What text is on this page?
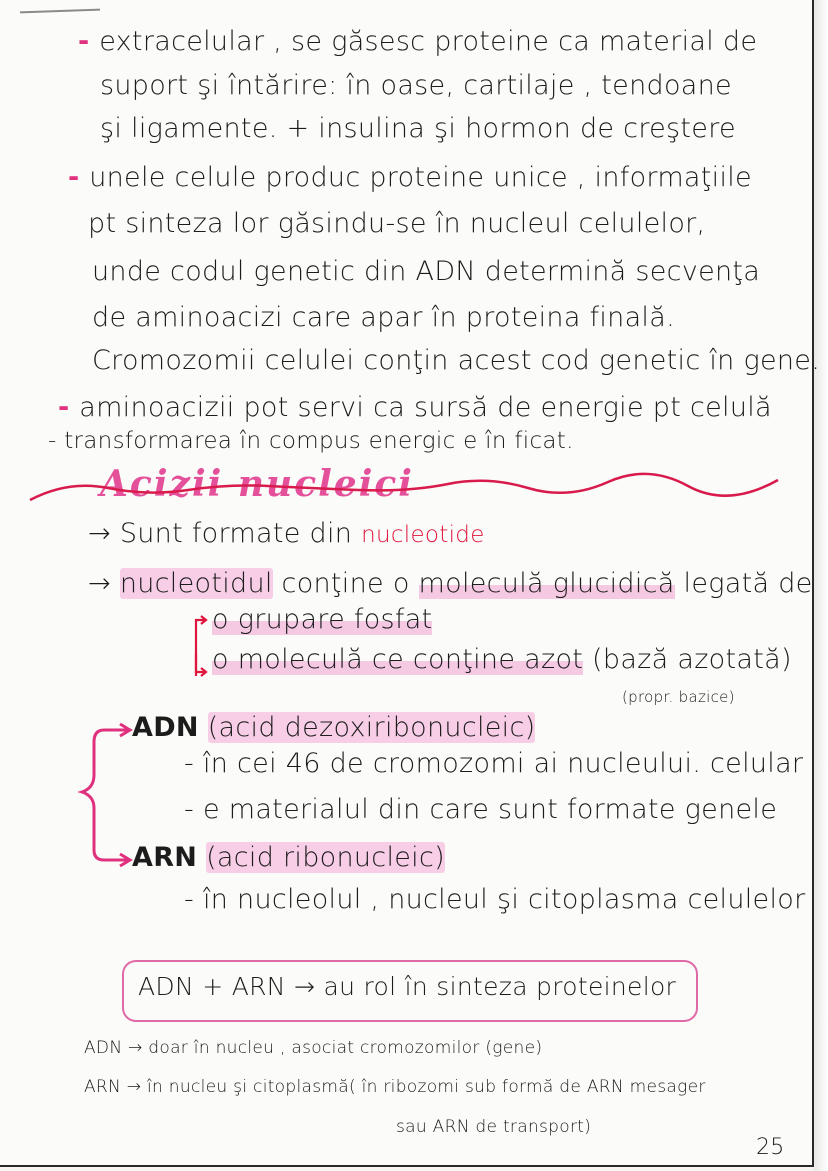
- extracelular , se găsesc proteine ca material de
suport şi întărire: în oase, cartilaje , tendoane
şi ligamente. + insulina şi hormon de creştere
- unele celule produc proteine unice , informaţiile
pt sinteza lor găsindu-se în nucleul celulelor,
unde codul genetic din ADN determină secvenţa
de aminoacizi care apar în proteina finală.
Cromozomii celulei conţin acest cod genetic în gene.
- aminoacizii pot servi ca sursă de energie pt celulă
- transformarea în compus energic e în ficat.
Acizii nucleici
→ Sunt formate din nucleotide
→ nucleotidul conţine o moleculă glucidică legată de
o grupare fosfat
o moleculă ce conţine azot (bază azotată)
(propr. bazice)
ADN (acid dezoxiribonucleic)
- în cei 46 de cromozomi ai nucleului. celular
- e materialul din care sunt formate genele
ARN (acid ribonucleic)
- în nucleolul , nucleul şi citoplasma celulelor
ADN + ARN → au rol în sinteza proteinelor
ADN → doar în nucleu , asociat cromozomilor (gene)
ARN → în nucleu şi citoplasmă( în ribozomi sub formă de ARN mesager
sau ARN de transport)
25
